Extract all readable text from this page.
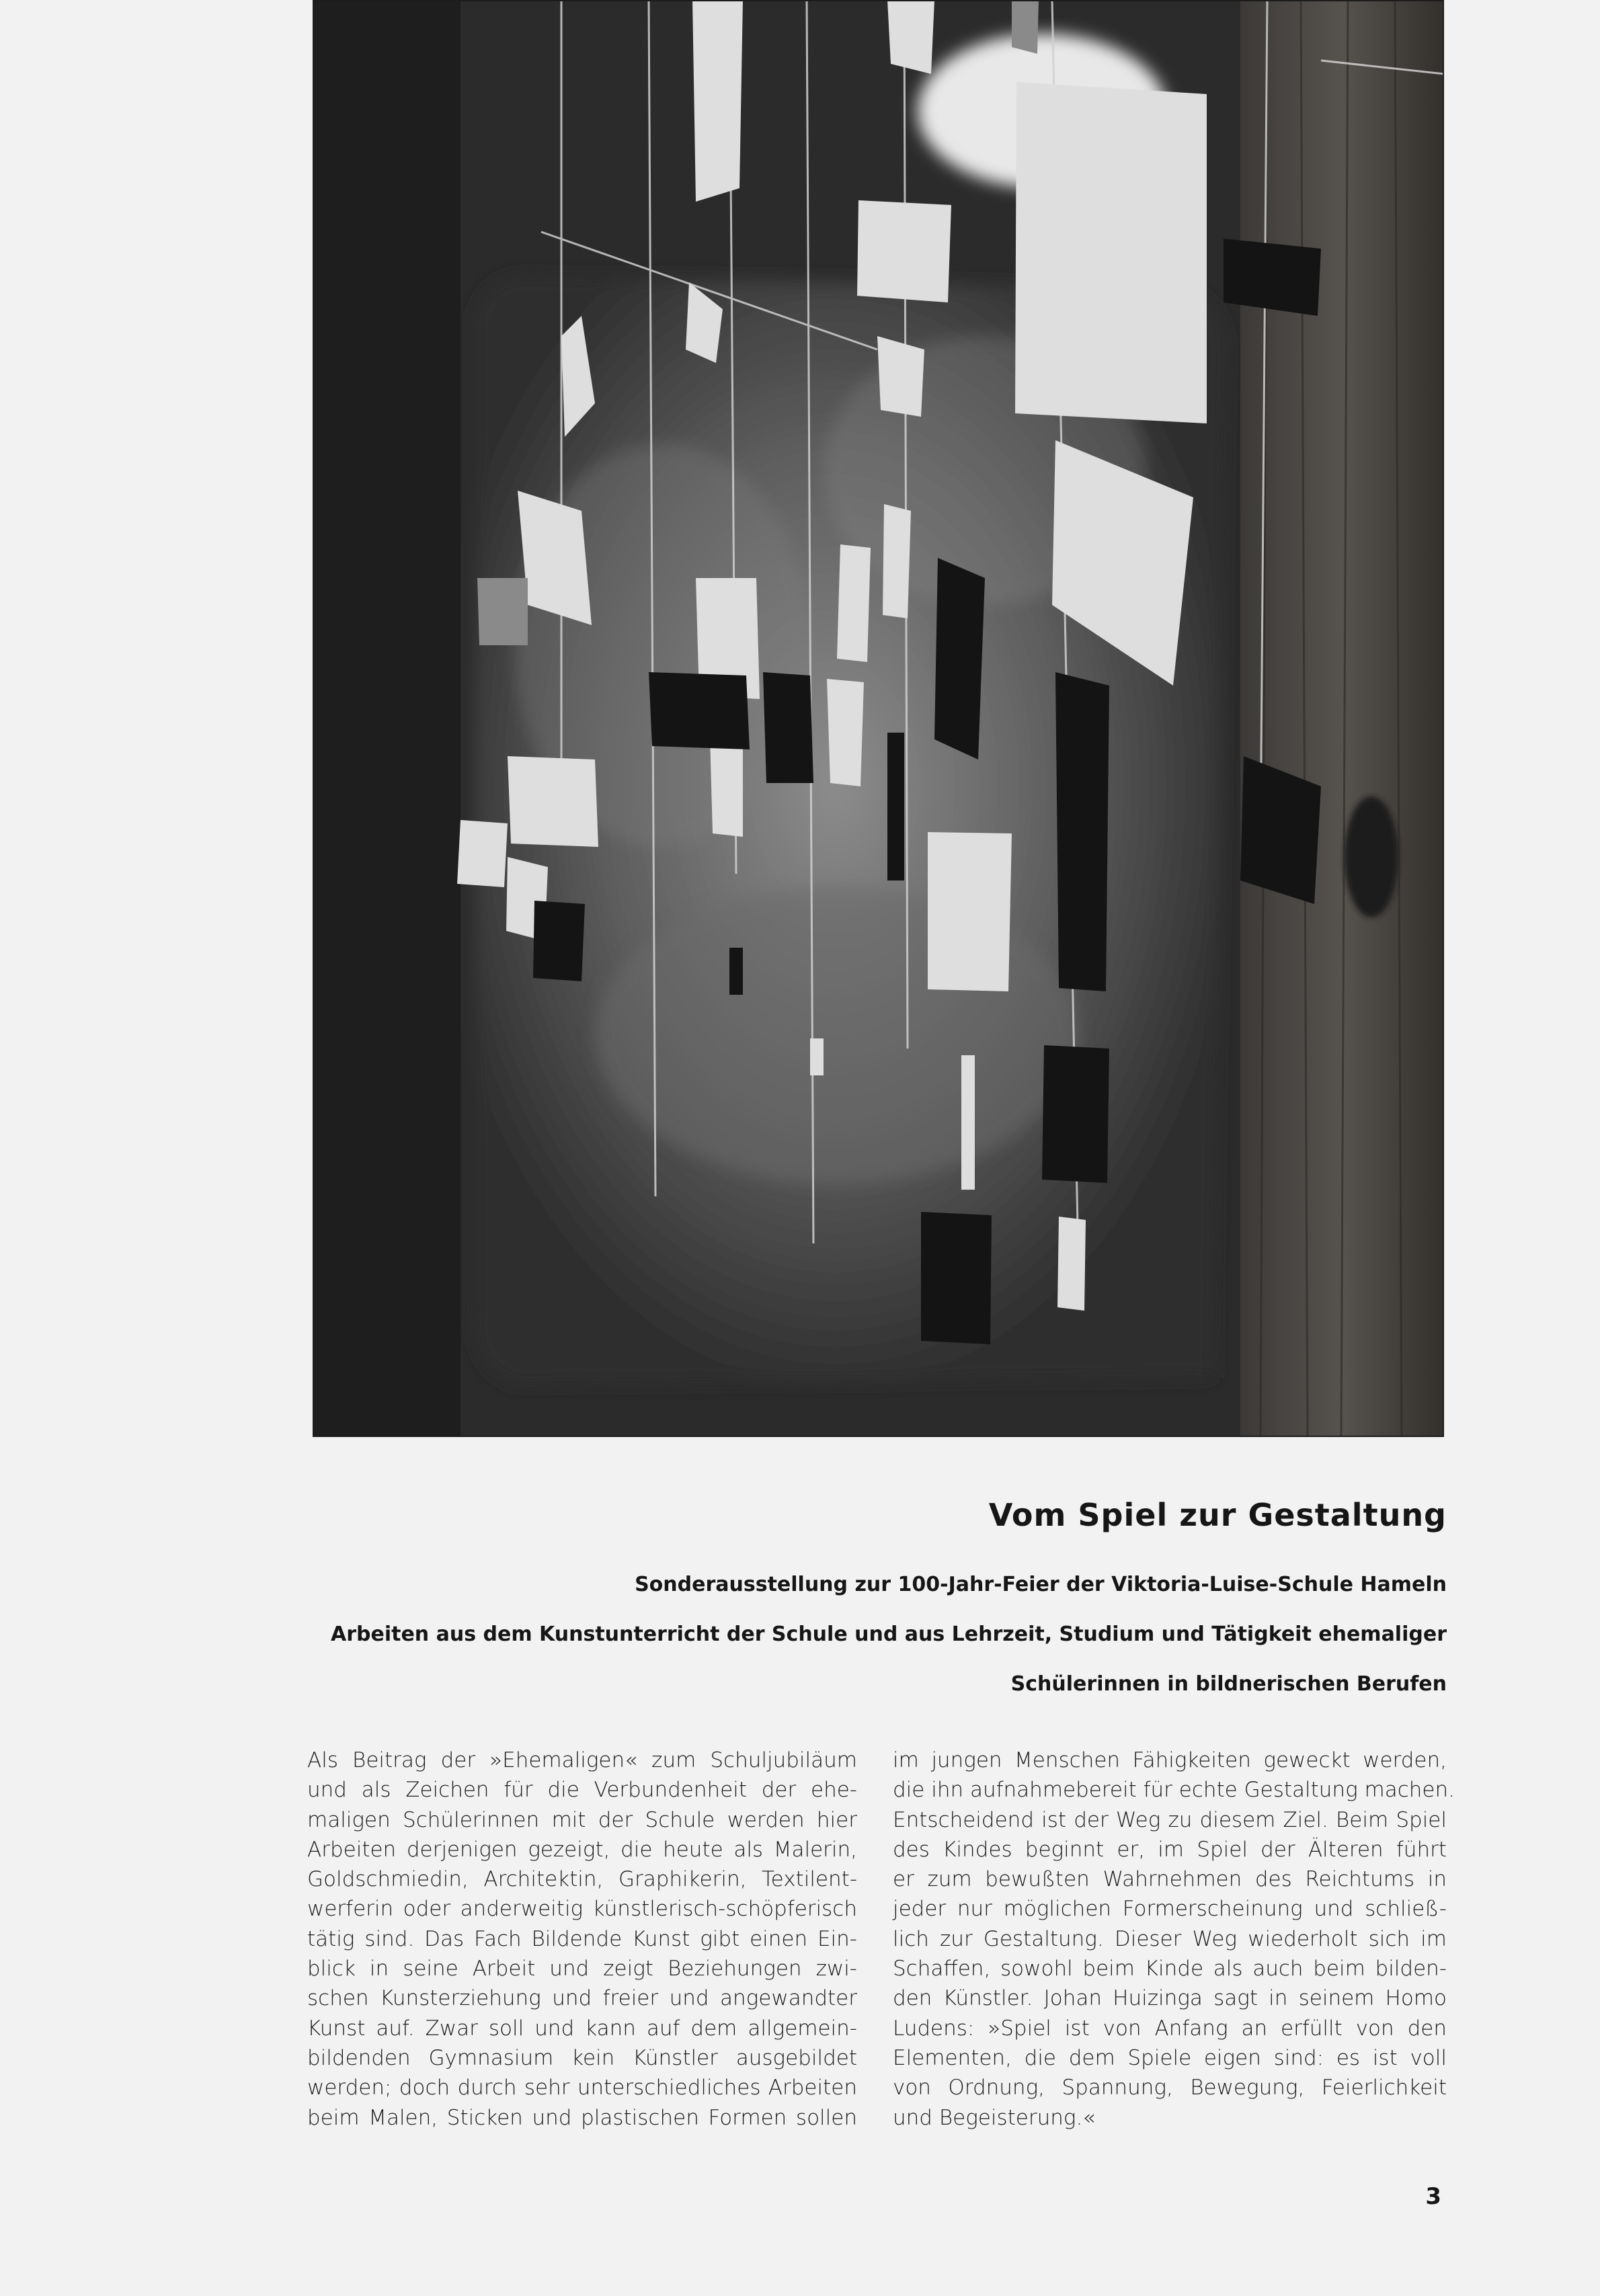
Vom Spiel zur Gestaltung

Sonderausstellung zur 100-Jahr-Feier der Viktoria-Luise-Schule Hameln

Arbeiten aus dem Kunstunterricht der Schule und aus Lehrzeit, Studium und Tätigkeit ehemaliger

Schülerinnen in bildnerischen Berufen

Als Beitrag der »Ehemaligen« zum Schuljubiläum
und als Zeichen für die Verbundenheit der ehe-
maligen Schülerinnen mit der Schule werden hier
Arbeiten derjenigen gezeigt, die heute als Malerin,
Goldschmiedin, Architektin, Graphikerin, Textilent-
werferin oder anderweitig künstlerisch-schöpferisch
tätig sind. Das Fach Bildende Kunst gibt einen Ein-
blick in seine Arbeit und zeigt Beziehungen zwi-
schen Kunsterziehung und freier und angewandter
Kunst auf. Zwar soll und kann auf dem allgemein-
bildenden Gymnasium kein Künstler ausgebildet
werden; doch durch sehr unterschiedliches Arbeiten
beim Malen, Sticken und plastischen Formen sollen
im jungen Menschen Fähigkeiten geweckt werden,
die ihn aufnahmebereit für echte Gestaltung machen.
Entscheidend ist der Weg zu diesem Ziel. Beim Spiel
des Kindes beginnt er, im Spiel der Älteren führt
er zum bewußten Wahrnehmen des Reichtums in
jeder nur möglichen Formerscheinung und schließ-
lich zur Gestaltung. Dieser Weg wiederholt sich im
Schaffen, sowohl beim Kinde als auch beim bilden-
den Künstler. Johan Huizinga sagt in seinem Homo
Ludens: »Spiel ist von Anfang an erfüllt von den
Elementen, die dem Spiele eigen sind: es ist voll
von Ordnung, Spannung, Bewegung, Feierlichkeit
und Begeisterung.«

3
